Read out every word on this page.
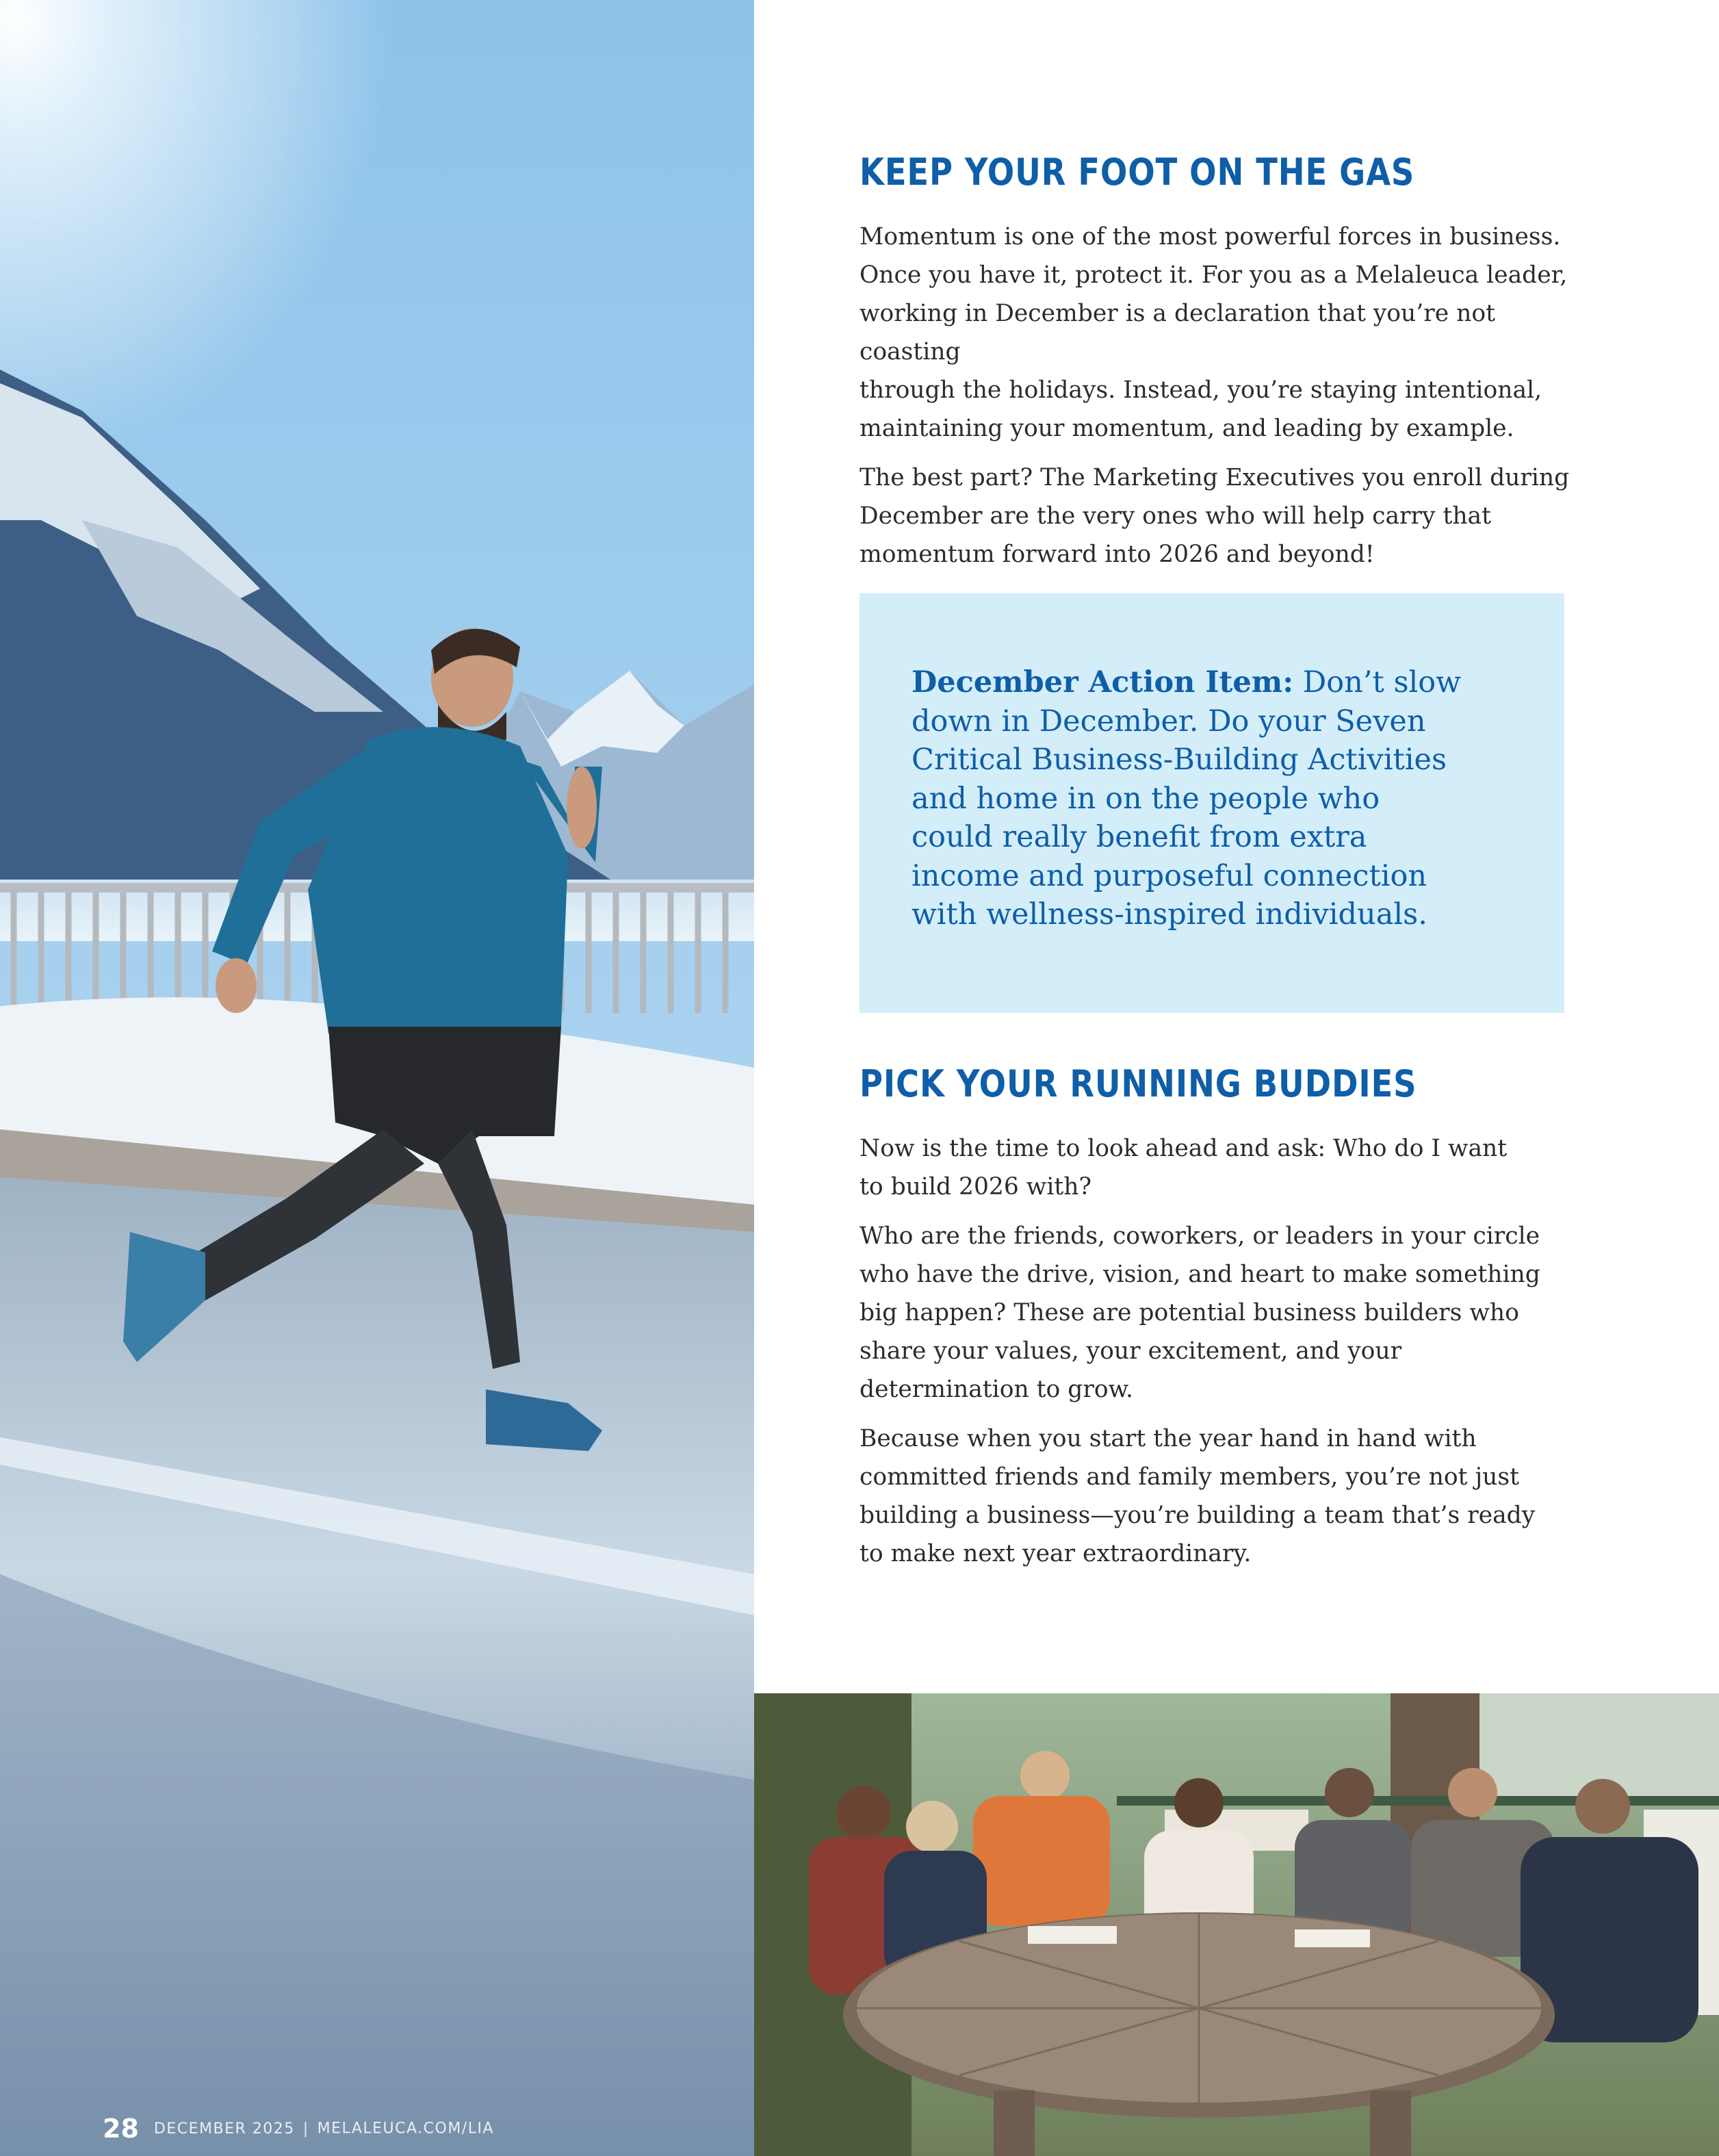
KEEP YOUR FOOT ON THE GAS

Momentum is one of the most powerful forces in business.
Once you have it, protect it. For you as a Melaleuca leader,
working in December is a declaration that you’re not coasting
through the holidays. Instead, you’re staying intentional,
maintaining your momentum, and leading by example.

The best part? The Marketing Executives you enroll during
December are the very ones who will help carry that
momentum forward into 2026 and beyond!

December Action Item: Don’t slow
down in December. Do your Seven
Critical Business-Building Activities
and home in on the people who
could really benefit from extra
income and purposeful connection
with wellness-inspired individuals.
PICK YOUR RUNNING BUDDIES

Now is the time to look ahead and ask: Who do I want
to build 2026 with?

Who are the friends, coworkers, or leaders in your circle
who have the drive, vision, and heart to make something
big happen? These are potential business builders who
share your values, your excitement, and your
determination to grow.

Because when you start the year hand in hand with
committed friends and family members, you’re not just
building a business—you’re building a team that’s ready
to make next year extraordinary.

28 DECEMBER 2025 | MELALEUCA.COM/LIA
